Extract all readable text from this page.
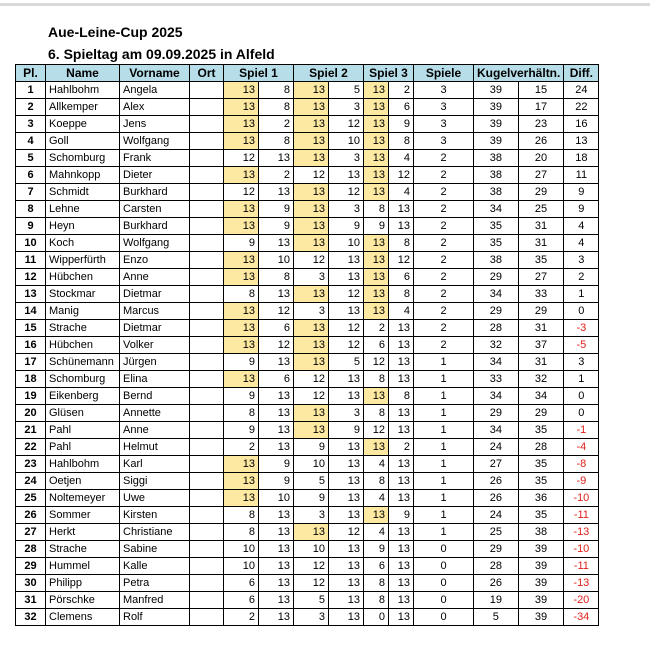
Aue-Leine-Cup 2025
6. Spieltag am 09.09.2025 in Alfeld
Pl.	Name	Vorname	Ort	Spiel 1		Spiel 2		Spiel 3		Spiele	Kugelverhältn.		Diff.
1	Hahlbohm	Angela		13	8	13	5	13	2	3	39	15	24
2	Allkemper	Alex		13	8	13	3	13	6	3	39	17	22
3	Koeppe	Jens		13	2	13	12	13	9	3	39	23	16
4	Goll	Wolfgang		13	8	13	10	13	8	3	39	26	13
5	Schomburg	Frank		12	13	13	3	13	4	2	38	20	18
6	Mahnkopp	Dieter		13	2	12	13	13	12	2	38	27	11
7	Schmidt	Burkhard		12	13	13	12	13	4	2	38	29	9
8	Lehne	Carsten		13	9	13	3	8	13	2	34	25	9
9	Heyn	Burkhard		13	9	13	9	9	13	2	35	31	4
10	Koch	Wolfgang		9	13	13	10	13	8	2	35	31	4
11	Wipperfürth	Enzo		13	10	12	13	13	12	2	38	35	3
12	Hübchen	Anne		13	8	3	13	13	6	2	29	27	2
13	Stockmar	Dietmar		8	13	13	12	13	8	2	34	33	1
14	Manig	Marcus		13	12	3	13	13	4	2	29	29	0
15	Strache	Dietmar		13	6	13	12	2	13	2	28	31	-3
16	Hübchen	Volker		13	12	13	12	6	13	2	32	37	-5
17	Schünemann	Jürgen		9	13	13	5	12	13	1	34	31	3
18	Schomburg	Elina		13	6	12	13	8	13	1	33	32	1
19	Eikenberg	Bernd		9	13	12	13	13	8	1	34	34	0
20	Glüsen	Annette		8	13	13	3	8	13	1	29	29	0
21	Pahl	Anne		9	13	13	9	12	13	1	34	35	-1
22	Pahl	Helmut		2	13	9	13	13	2	1	24	28	-4
23	Hahlbohm	Karl		13	9	10	13	4	13	1	27	35	-8
24	Oetjen	Siggi		13	9	5	13	8	13	1	26	35	-9
25	Noltemeyer	Uwe		13	10	9	13	4	13	1	26	36	-10
26	Sommer	Kirsten		8	13	3	13	13	9	1	24	35	-11
27	Herkt	Christiane		8	13	13	12	4	13	1	25	38	-13
28	Strache	Sabine		10	13	10	13	9	13	0	29	39	-10
29	Hummel	Kalle		10	13	12	13	6	13	0	28	39	-11
30	Philipp	Petra		6	13	12	13	8	13	0	26	39	-13
31	Pörschke	Manfred		6	13	5	13	8	13	0	19	39	-20
32	Clemens	Rolf		2	13	3	13	0	13	0	5	39	-34
